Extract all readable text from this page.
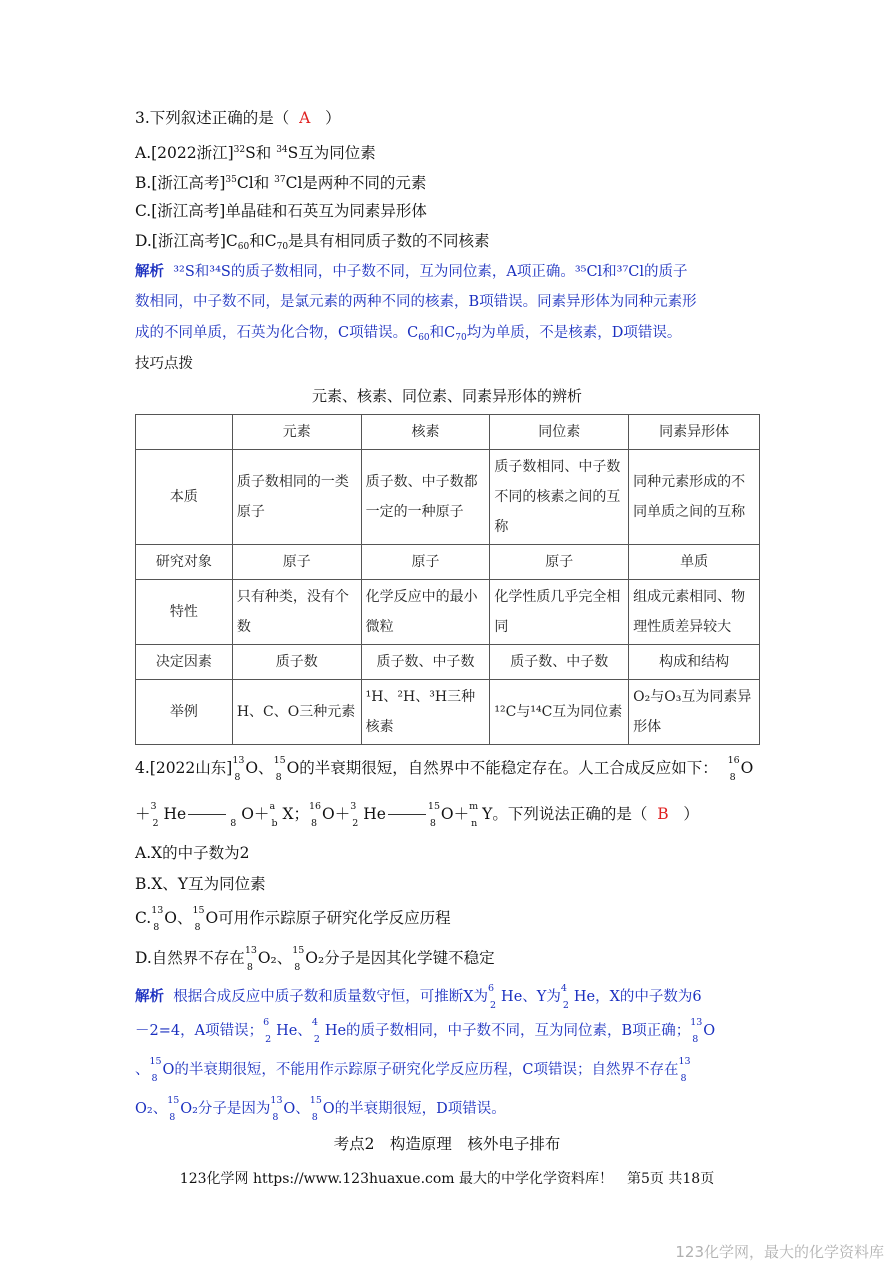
3.下列叙述正确的是（ A ）
A.[2022浙江]$^{32}$S和 $^{34}$S互为同位素
B.[浙江高考]$^{35}$Cl和 $^{37}$Cl是两种不同的元素
C.[浙江高考]单晶硅和石英互为同素异形体
D.[浙江高考]$C_{60}$和$C_{70}$是具有相同质子数的不同核素
解析 ³²S和³⁴S的质子数相同，中子数不同，互为同位素，A项正确。³⁵Cl和³⁷Cl的质子
数相同，中子数不同，是氯元素的两种不同的核素，B项错误。同素异形体为同种元素形
成的不同单质，石英为化合物，C项错误。$C_{60}$和$C_{70}$均为单质，不是核素，D项错误。
技巧点拨
元素、核素、同位素、同素异形体的辨析
	元素	核素	同位素	同素异形体
本质	质子数相同的一类原子	质子数、中子数都一定的一种原子	质子数相同、中子数不同的核素之间的互称	同种元素形成的不同单质之间的互称
研究对象	原子	原子	原子	单质
特性	只有种类，没有个数	化学反应中的最小微粒	化学性质几乎完全相同	组成元素相同、物理性质差异较大
决定因素	质子数	质子数、中子数	质子数、中子数	构成和结构
举例	H、C、O三种元素	¹H、²H、³H三种核素	¹²C与¹⁴C互为同位素	O₂与O₃互为同素异形体
4.[2022山东] 13
8
O、 15
8
O的半衰期很短，自然界中不能稳定存在。人工合成反应如下： 16
8
O
＋ 3
2
He
8
O＋ a
b
X； 16
8
O＋ 3
2
He	15
8
O＋ m
n
Y。下列说法正确的是（ B ）
A.X的中子数为2
B.X、Y互为同位素
C. 13
8
O、 15
8
O可用作示踪原子研究化学反应历程
D.自然界不存在 13
8
O₂、 15
8
O₂分子是因其化学键不稳定
解析 根据合成反应中质子数和质量数守恒，可推断X为
6
2
He、Y为
4
2
He，X的中子数为6
－2=4，A项错误；
6
2
He、
4
2
He的质子数相同，中子数不同，互为同位素，B项正确；
13
8
O
、
15
8
O的半衰期很短，不能用作示踪原子研究化学反应历程，C项错误；自然界不存在
13
8
O₂、
15
8
O₂分子是因为
13
8
O、
15
8
O的半衰期很短，D项错误。
考点2　构造原理　核外电子排布
123化学网 https://www.123huaxue.com 最大的中学化学资料库！　第5页 共18页
123化学网，最大的化学资料库
